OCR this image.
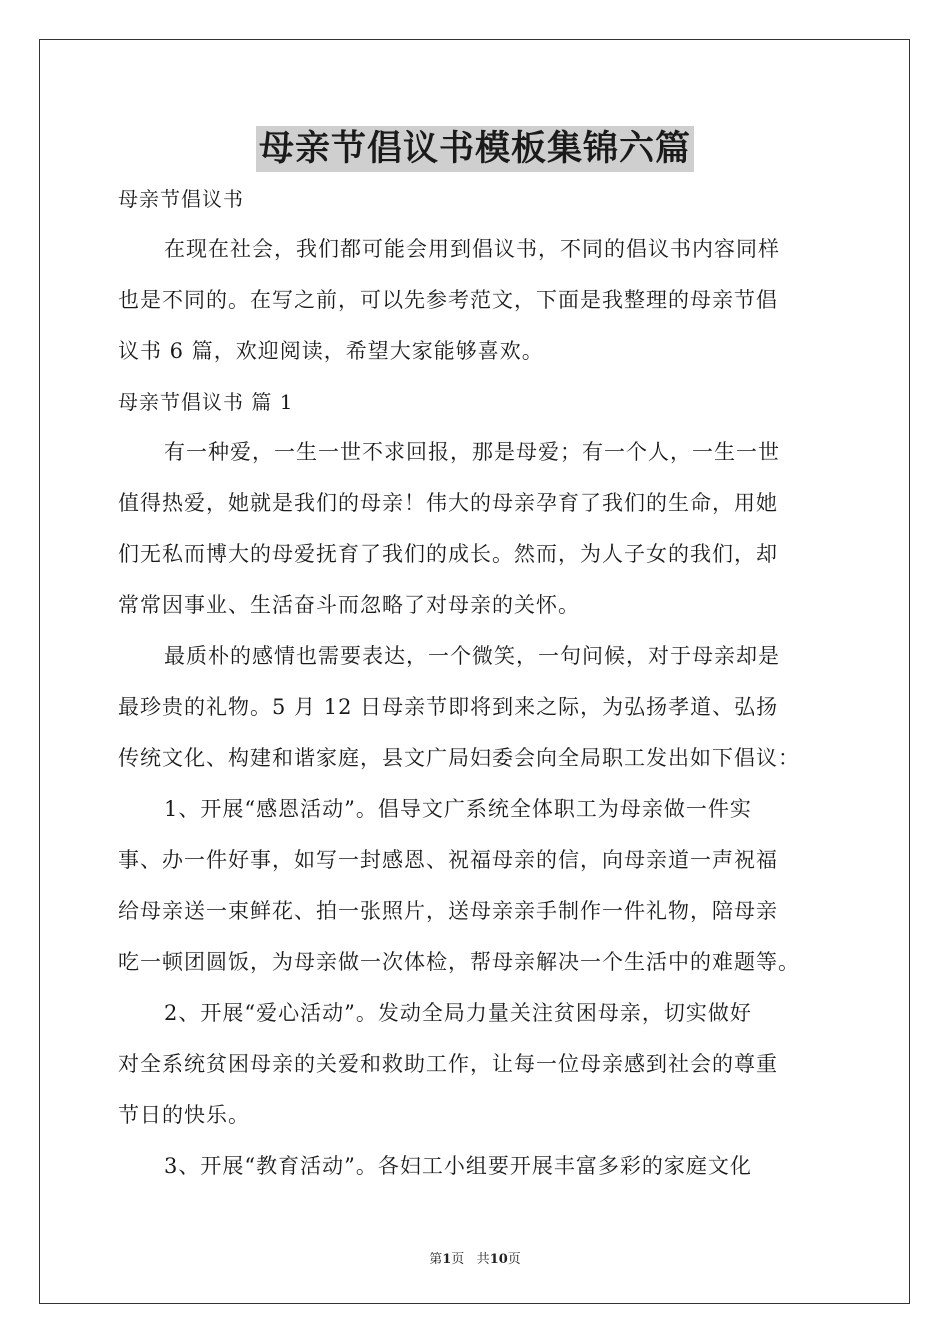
母亲节倡议书模板集锦六篇
母亲节倡议书
在现在社会，我们都可能会用到倡议书，不同的倡议书内容同样
也是不同的。在写之前，可以先参考范文，下面是我整理的母亲节倡
议书 6 篇，欢迎阅读，希望大家能够喜欢。
母亲节倡议书 篇 1
有一种爱，一生一世不求回报，那是母爱；有一个人，一生一世
值得热爱，她就是我们的母亲！伟大的母亲孕育了我们的生命，用她
们无私而博大的母爱抚育了我们的成长。然而，为人子女的我们，却
常常因事业、生活奋斗而忽略了对母亲的关怀。
最质朴的感情也需要表达，一个微笑，一句问候，对于母亲却是
最珍贵的礼物。5 月 12 日母亲节即将到来之际，为弘扬孝道、弘扬
传统文化、构建和谐家庭，县文广局妇委会向全局职工发出如下倡议：
1、开展“感恩活动”。倡导文广系统全体职工为母亲做一件实
事、办一件好事，如写一封感恩、祝福母亲的信，向母亲道一声祝福
给母亲送一束鲜花、拍一张照片，送母亲亲手制作一件礼物，陪母亲
吃一顿团圆饭，为母亲做一次体检，帮母亲解决一个生活中的难题等。
2、开展“爱心活动”。发动全局力量关注贫困母亲，切实做好
对全系统贫困母亲的关爱和救助工作，让每一位母亲感到社会的尊重
节日的快乐。
3、开展“教育活动”。各妇工小组要开展丰富多彩的家庭文化
第1页 共10页
